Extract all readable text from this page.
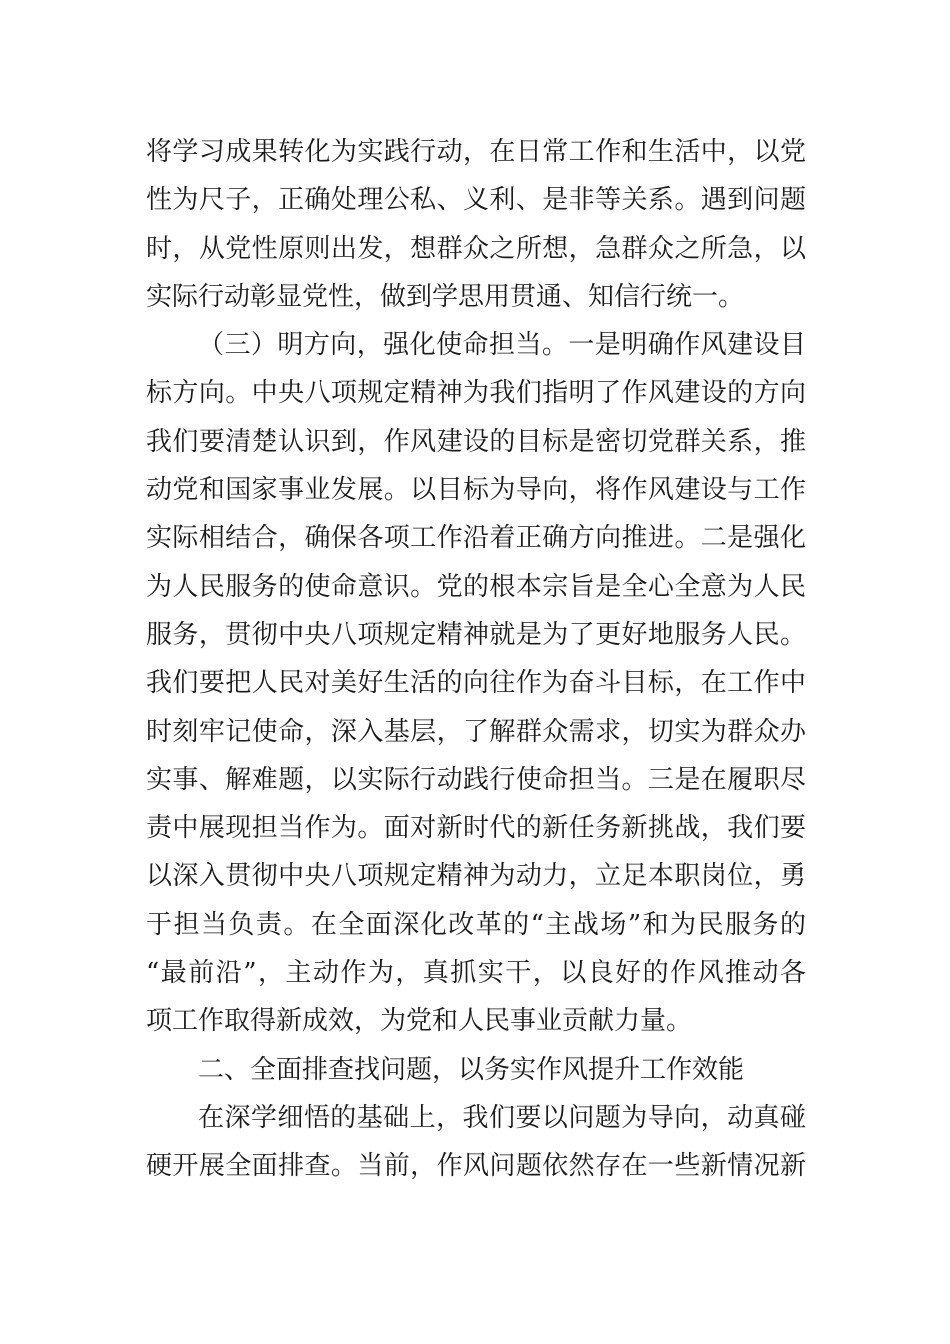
将学习成果转化为实践行动，在日常工作和生活中，以党
性为尺子，正确处理公私、义利、是非等关系。遇到问题
时，从党性原则出发，想群众之所想，急群众之所急，以
实际行动彰显党性，做到学思用贯通、知信行统一。
（三）明方向，强化使命担当。一是明确作风建设目
标方向。中央八项规定精神为我们指明了作风建设的方向
我们要清楚认识到，作风建设的目标是密切党群关系，推
动党和国家事业发展。以目标为导向，将作风建设与工作
实际相结合，确保各项工作沿着正确方向推进。二是强化
为人民服务的使命意识。党的根本宗旨是全心全意为人民
服务，贯彻中央八项规定精神就是为了更好地服务人民。
我们要把人民对美好生活的向往作为奋斗目标，在工作中
时刻牢记使命，深入基层，了解群众需求，切实为群众办
实事、解难题，以实际行动践行使命担当。三是在履职尽
责中展现担当作为。面对新时代的新任务新挑战，我们要
以深入贯彻中央八项规定精神为动力，立足本职岗位，勇
于担当负责。在全面深化改革的“主战场”和为民服务的
“最前沿”，主动作为，真抓实干，以良好的作风推动各
项工作取得新成效，为党和人民事业贡献力量。
二、全面排查找问题，以务实作风提升工作效能
在深学细悟的基础上，我们要以问题为导向，动真碰
硬开展全面排查。当前，作风问题依然存在一些新情况新
